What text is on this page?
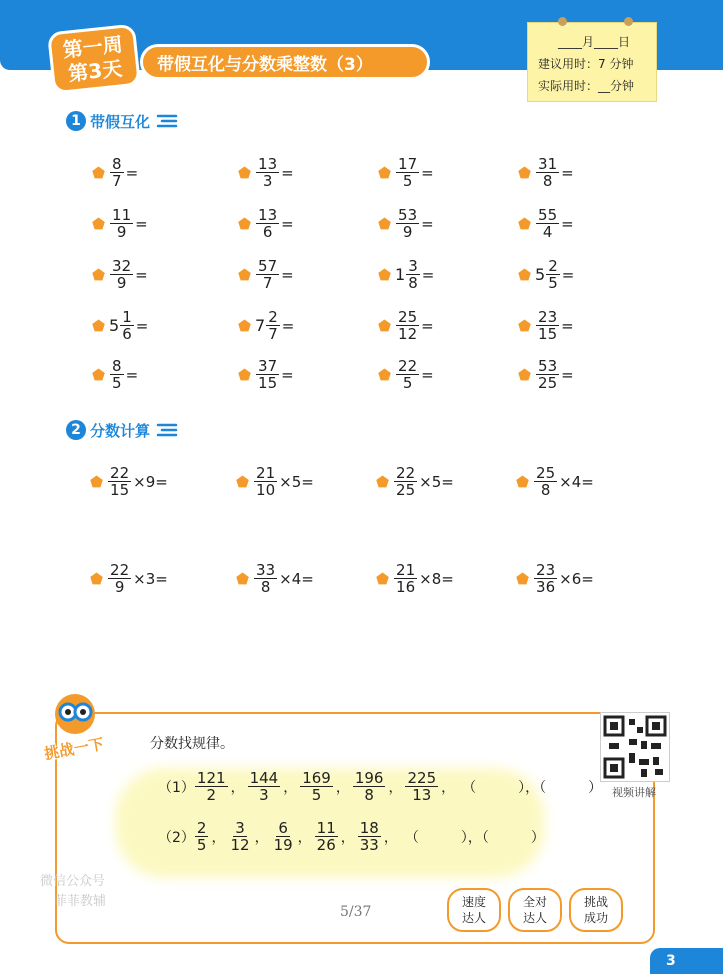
第一周
第3天	带假互化与分数乘整数（3）
____月____日
建议用时：7 分钟
实际用时：__分钟
1 带假互化
⬟ $\frac{8}{7}$ =	⬟ $\frac{13}{3}$ =	⬟ $\frac{17}{5}$ =	⬟ $\frac{31}{8}$ =
⬟ $\frac{11}{9}$ =	⬟ $\frac{13}{6}$ =	⬟ $\frac{53}{9}$ =	⬟ $\frac{55}{4}$ =
⬟ $\frac{32}{9}$ =	⬟ $\frac{57}{7}$ =	⬟ $1 \frac{3}{8}$ =	⬟ $5 \frac{2}{5}$ =
⬟ $5 \frac{1}{6}$ =	⬟ $7 \frac{2}{7}$ =	⬟ $\frac{25}{12}$ =	⬟ $\frac{23}{15}$ =
⬟ $\frac{8}{5}$ =	⬟ $\frac{37}{15}$ =	⬟ $\frac{22}{5}$ =	⬟ $\frac{53}{25}$ =
2 分数计算
⬟ $\frac{22}{15} \times 9=$	⬟ $\frac{21}{10} \times 5=$	⬟ $\frac{22}{25} \times 5=$	⬟ $\frac{25}{8} \times 4=$
⬟ $\frac{22}{9} \times 3=$	⬟ $\frac{33}{8} \times 4=$	⬟ $\frac{21}{16} \times 8=$	⬟ $\frac{23}{36} \times 6=$
挑战一下	分数找规律。
$(1) \frac{121}{2}$ ， $\frac{144}{3}$ ， $\frac{169}{5}$ ， $\frac{196}{8}$ ， $\frac{225}{13}$ ， （　　　），（　　　）
$(2) \frac{2}{5}$ ， $\frac{3}{12}$ ， $\frac{6}{19}$ ， $\frac{11}{26}$ ， $\frac{18}{33}$ ， （　　　），（　　　）
视频讲解
速度
达人
全对
达人
挑战
成功
微信公众号
菲菲教辅
5/37
3
